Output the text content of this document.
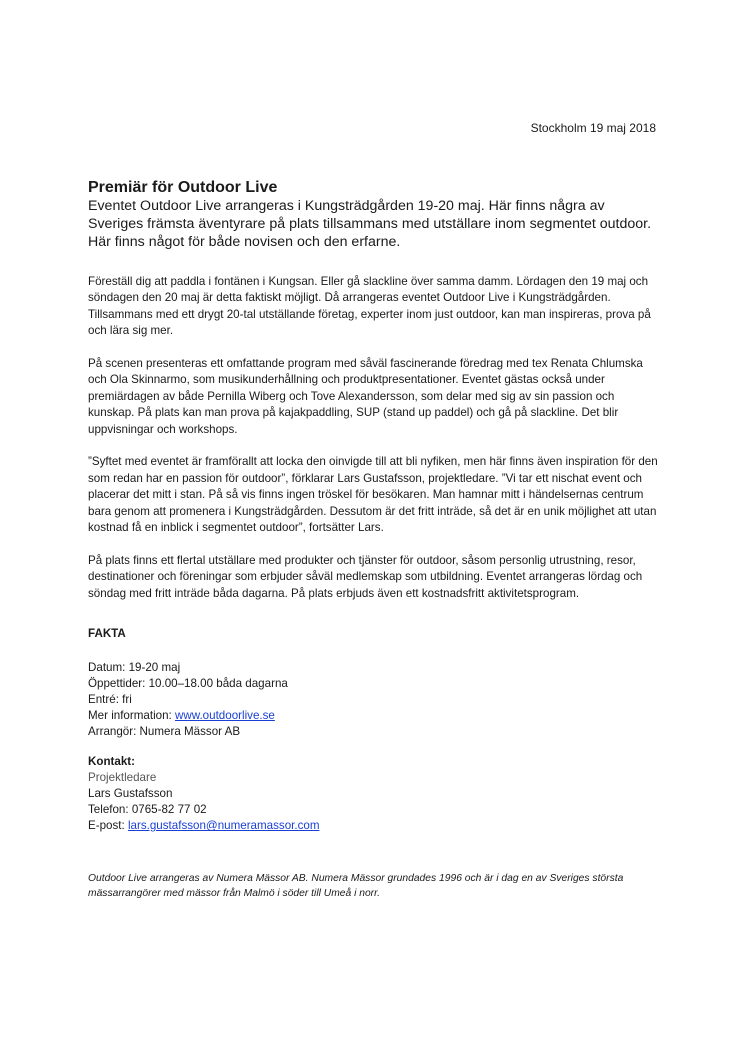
Stockholm 19 maj 2018
Premiär för Outdoor Live

Eventet Outdoor Live arrangeras i Kungsträdgården 19-20 maj. Här finns några av Sveriges främsta äventyrare på plats tillsammans med utställare inom segmentet outdoor. Här finns något för både novisen och den erfarne.

Föreställ dig att paddla i fontänen i Kungsan. Eller gå slackline över samma damm. Lördagen den 19 maj och söndagen den 20 maj är detta faktiskt möjligt. Då arrangeras eventet Outdoor Live i Kungsträdgården. Tillsammans med ett drygt 20-tal utställande företag, experter inom just outdoor, kan man inspireras, prova på och lära sig mer.

På scenen presenteras ett omfattande program med såväl fascinerande föredrag med tex Renata Chlumska och Ola Skinnarmo, som musikunderhållning och produktpresentationer. Eventet gästas också under premiärdagen av både Pernilla Wiberg och Tove Alexandersson, som delar med sig av sin passion och kunskap. På plats kan man prova på kajakpaddling, SUP (stand up paddel) och gå på slackline. Det blir uppvisningar och workshops.

”Syftet med eventet är framförallt att locka den oinvigde till att bli nyfiken, men här finns även inspiration för den som redan har en passion för outdoor”, förklarar Lars Gustafsson, projektledare. ”Vi tar ett nischat event och placerar det mitt i stan. På så vis finns ingen tröskel för besökaren. Man hamnar mitt i händelsernas centrum bara genom att promenera i Kungsträdgården. Dessutom är det fritt inträde, så det är en unik möjlighet att utan kostnad få en inblick i segmentet outdoor”, fortsätter Lars.

På plats finns ett flertal utställare med produkter och tjänster för outdoor, såsom personlig utrustning, resor, destinationer och föreningar som erbjuder såväl medlemskap som utbildning. Eventet arrangeras lördag och söndag med fritt inträde båda dagarna. På plats erbjuds även ett kostnadsfritt aktivitetsprogram.

FAKTA
Datum: 19-20 maj
Öppettider: 10.00–18.00 båda dagarna
Entré: fri
Mer information: www.outdoorlive.se
Arrangör: Numera Mässor AB
Kontakt:
Projektledare
Lars Gustafsson
Telefon: 0765-82 77 02
E-post: lars.gustafsson@numeramassor.com
Outdoor Live arrangeras av Numera Mässor AB. Numera Mässor grundades 1996 och är i dag en av Sveriges största mässarrangörer med mässor från Malmö i söder till Umeå i norr.
